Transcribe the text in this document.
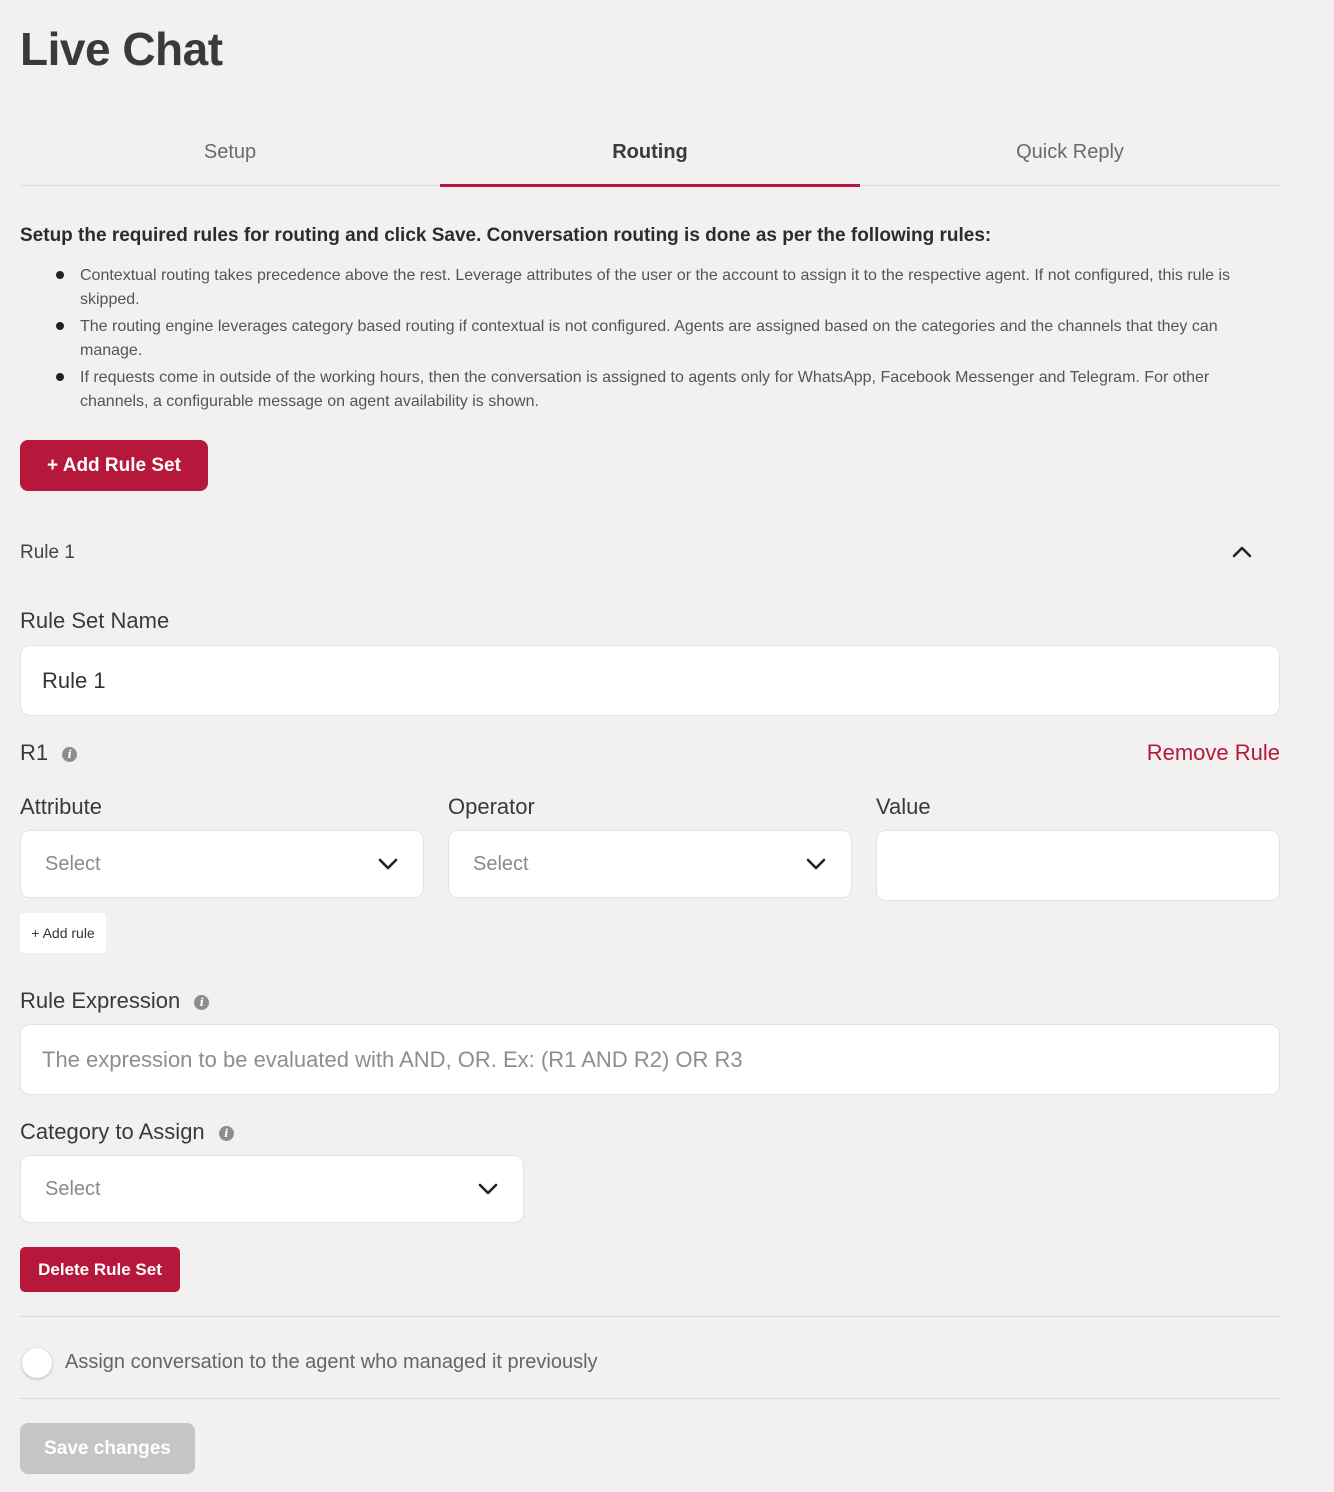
Live Chat
Setup	Routing	Quick Reply

Setup the required rules for routing and click Save. Conversation routing is done as per the following rules:

Contextual routing takes precedence above the rest. Leverage attributes of the user or the account to assign it to the respective agent. If not configured, this rule is skipped.
The routing engine leverages category based routing if contextual is not configured. Agents are assigned based on the categories and the channels that they can manage.
If requests come in outside of the working hours, then the conversation is assigned to agents only for WhatsApp, Facebook Messenger and Telegram. For other channels, a configurable message on agent availability is shown.
+ Add Rule Set
Rule 1
Rule Set Name
Rule 1
R1 i	Remove Rule
Attribute
Select
Operator
Select
Value
+ Add rule
Rule Expression i
The expression to be evaluated with AND, OR. Ex: (R1 AND R2) OR R3
Category to Assign i
Select
Delete Rule Set
Assign conversation to the agent who managed it previously
Save changes
